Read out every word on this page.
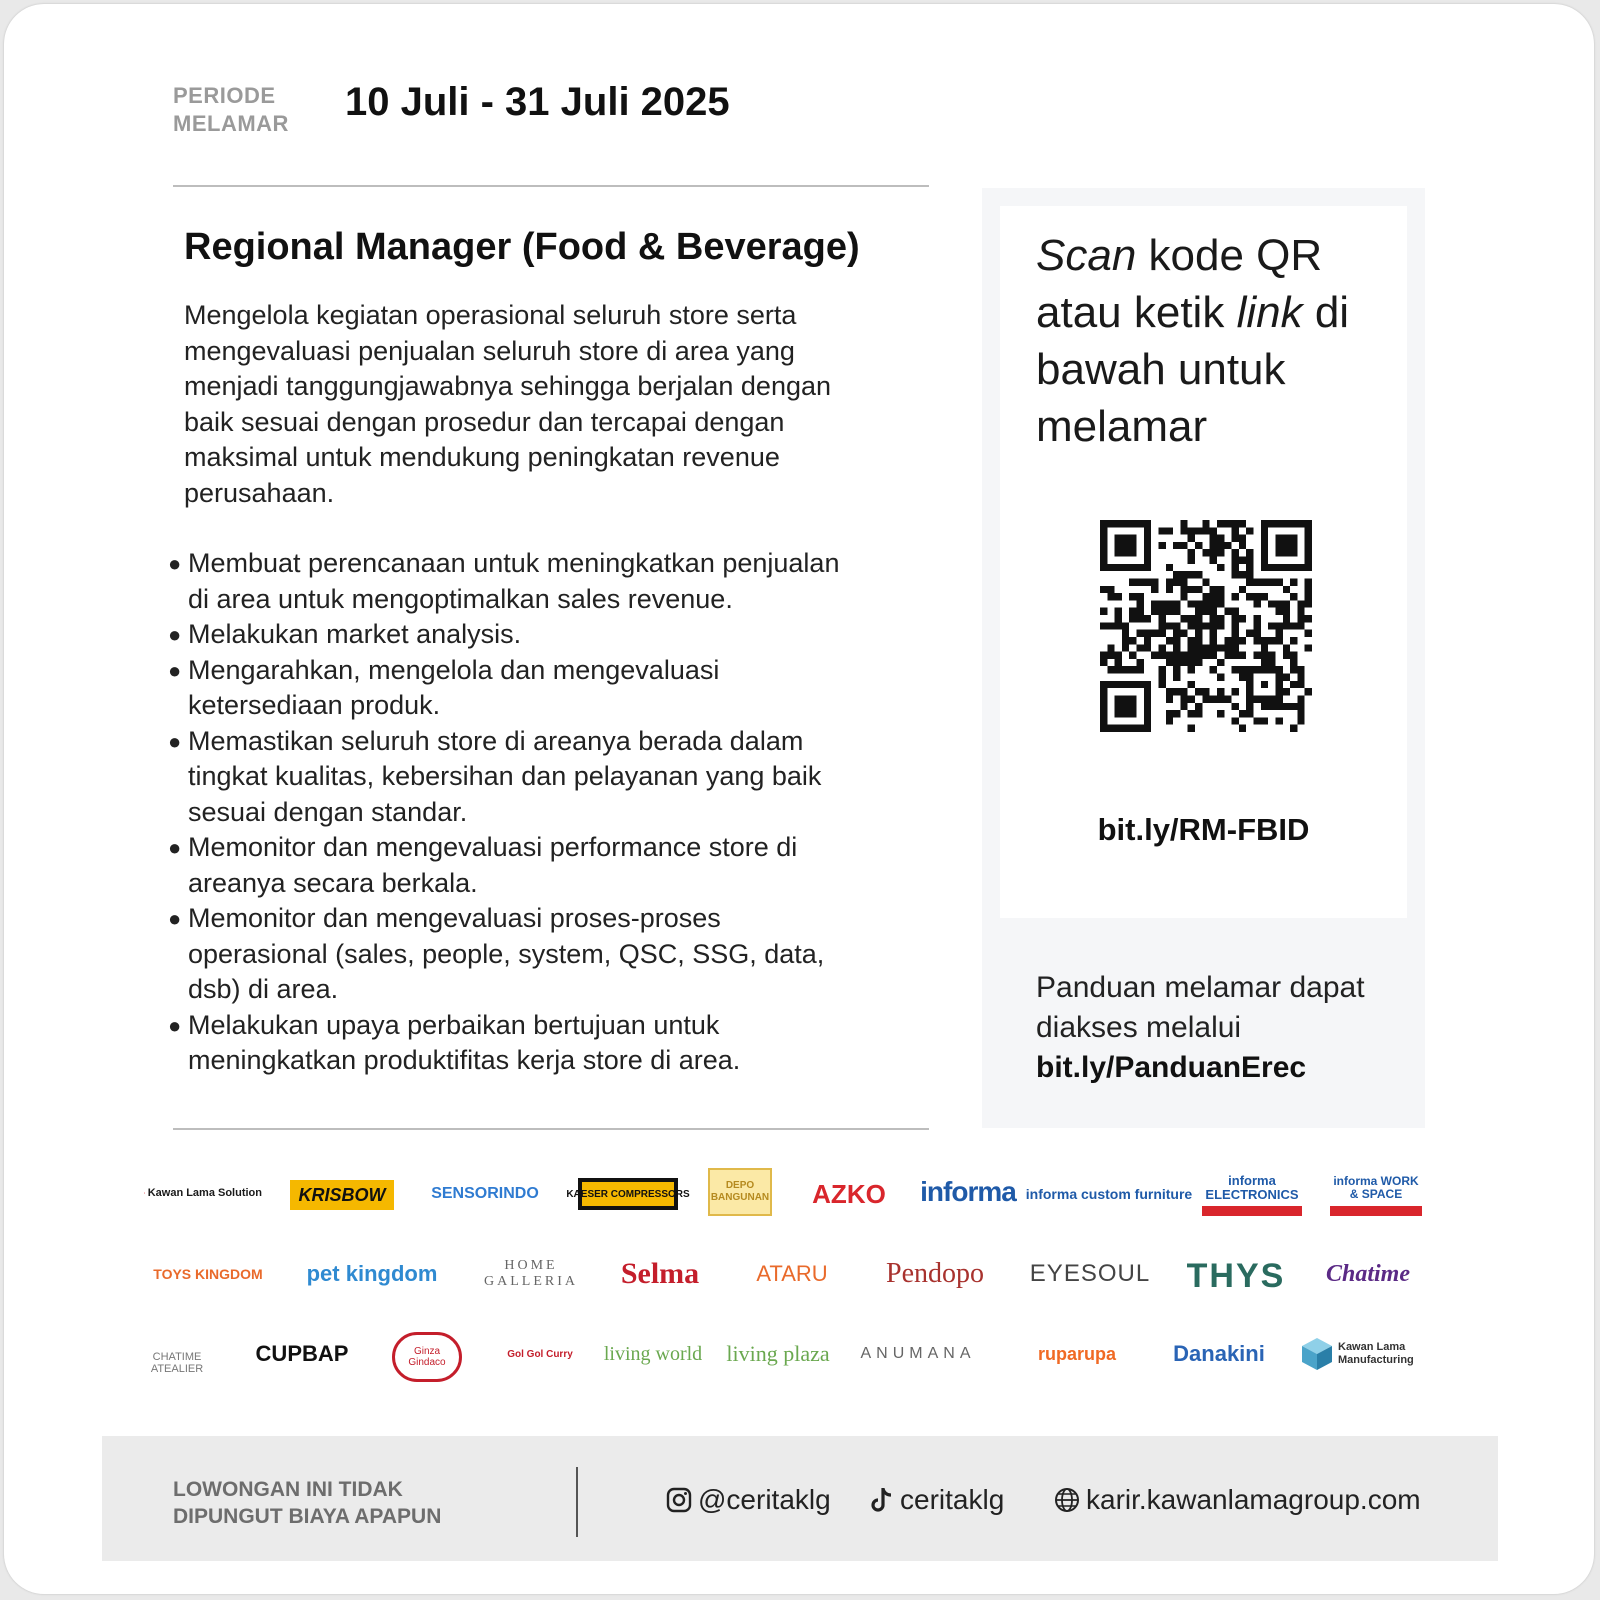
PERIODE
MELAMAR 10 Juli - 31 Juli 2025
Regional Manager (Food & Beverage)
Mengelola kegiatan operasional seluruh store serta mengevaluasi penjualan seluruh store di area yang menjadi tanggungjawabnya sehingga berjalan dengan baik sesuai dengan prosedur dan tercapai dengan maksimal untuk mendukung peningkatan revenue perusahaan.
● Membuat perencanaan untuk meningkatkan penjualan di area untuk mengoptimalkan sales revenue.
● Melakukan market analysis.
● Mengarahkan, mengelola dan mengevaluasi ketersediaan produk.
● Memastikan seluruh store di areanya berada dalam tingkat kualitas, kebersihan dan pelayanan yang baik sesuai dengan standar.
● Memonitor dan mengevaluasi performance store di areanya secara berkala.
● Memonitor dan mengevaluasi proses-proses operasional (sales, people, system, QSC, SSG, data, dsb) di area.
● Melakukan upaya perbaikan bertujuan untuk meningkatkan produktifitas kerja store di area.
Scan kode QR atau ketik link di bawah untuk melamar
bit.ly/RM-FBID
Panduan melamar dapat diakses melalui
bit.ly/PanduanErec
Kawan Lama Solution	KRISBOW	SENSORINDO	KAESER COMPRESSORS
DEPO BANGUNAN	AZKO informa informa custom furniture
informa ELECTRONICS
informa WORK & SPACE
TOYS KINGDOM	pet kingdom	HOME GALLERIA Selma	ATARU	Pendopo EYESOUL THYS	Chatime
CHATIME ATEALIER
CUPBAP	Ginza Gindaco
Gol Gol Curry living world living plaza ANUMANA	ruparupa	Danakini	Kawan Lama Manufacturing
LOWONGAN INI TIDAK
DIPUNGUT BIAYA APAPUN
@ceritaklg ceritaklg	karir.kawanlamagroup.com
